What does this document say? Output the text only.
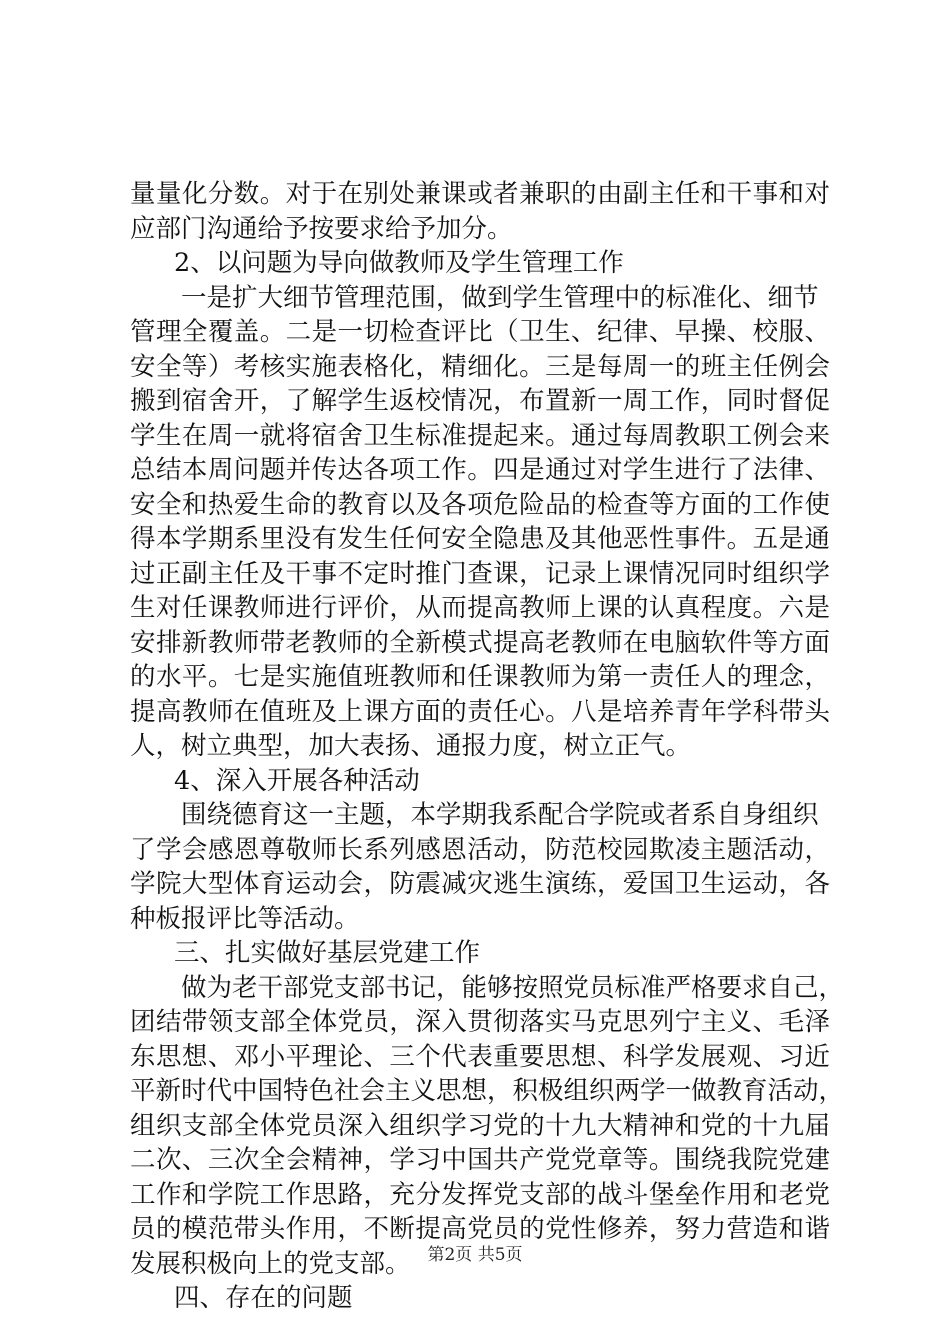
量量化分数。对于在别处兼课或者兼职的由副主任和干事和对
应部门沟通给予按要求给予加分。
2、以问题为导向做教师及学生管理工作
一是扩大细节管理范围，做到学生管理中的标准化、细节
管理全覆盖。二是一切检查评比（卫生、纪律、早操、校服、
安全等）考核实施表格化，精细化。三是每周一的班主任例会
搬到宿舍开，了解学生返校情况，布置新一周工作，同时督促
学生在周一就将宿舍卫生标准提起来。通过每周教职工例会来
总结本周问题并传达各项工作。四是通过对学生进行了法律、
安全和热爱生命的教育以及各项危险品的检查等方面的工作使
得本学期系里没有发生任何安全隐患及其他恶性事件。五是通
过正副主任及干事不定时推门查课，记录上课情况同时组织学
生对任课教师进行评价，从而提高教师上课的认真程度。六是
安排新教师带老教师的全新模式提高老教师在电脑软件等方面
的水平。七是实施值班教师和任课教师为第一责任人的理念，
提高教师在值班及上课方面的责任心。八是培养青年学科带头
人，树立典型，加大表扬、通报力度，树立正气。
4、深入开展各种活动
围绕德育这一主题，本学期我系配合学院或者系自身组织
了学会感恩尊敬师长系列感恩活动，防范校园欺凌主题活动，
学院大型体育运动会，防震减灾逃生演练，爱国卫生运动，各
种板报评比等活动。
三、扎实做好基层党建工作
做为老干部党支部书记，能够按照党员标准严格要求自己，
团结带领支部全体党员，深入贯彻落实马克思列宁主义、毛泽
东思想、邓小平理论、三个代表重要思想、科学发展观、习近
平新时代中国特色社会主义思想，积极组织两学一做教育活动，
组织支部全体党员深入组织学习党的十九大精神和党的十九届
二次、三次全会精神，学习中国共产党党章等。围绕我院党建
工作和学院工作思路，充分发挥党支部的战斗堡垒作用和老党
员的模范带头作用，不断提高党员的党性修养，努力营造和谐
发展积极向上的党支部。
四、存在的问题
第2页 共5页
